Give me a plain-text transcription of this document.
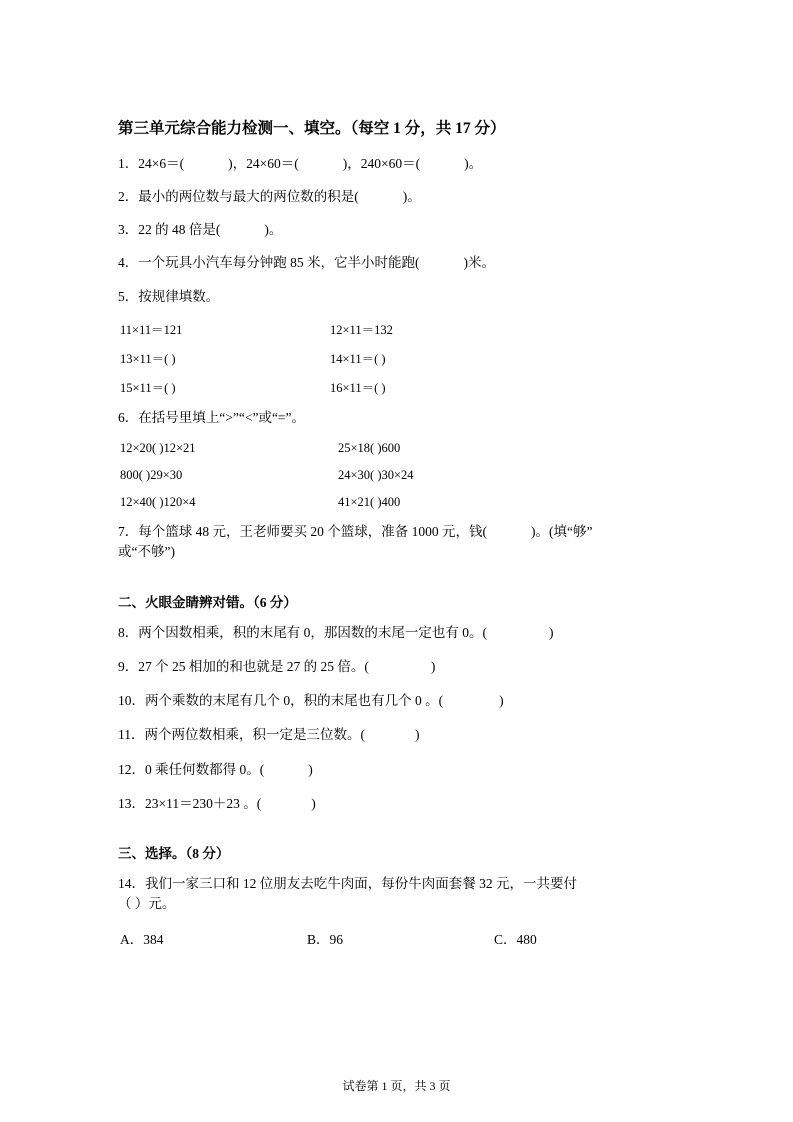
第三单元综合能力检测一、填空。（每空 1 分，共 17 分）
1．24×6＝(	)，24×60＝(	)，240×60＝(	)。
2．最小的两位数与最大的两位数的积是(	)。
3．22 的 48 倍是(	)。
4．一个玩具小汽车每分钟跑 85 米，它半小时能跑(	)米。
5．按规律填数。
11×11＝121	12×11＝132
13×11＝( )	14×11＝( )
15×11＝( )	16×11＝( )
6．在括号里填上“>”“<”或“=”。
12×20( )12×21	25×18( )600
800( )29×30	24×30( )30×24
12×40( )120×4	41×21( )400
7．每个篮球 48 元，王老师要买 20 个篮球，准备 1000 元，钱(	)。(填“够”
或“不够”)
二、火眼金睛辨对错。（6 分）
8．两个因数相乘，积的末尾有 0，那因数的末尾一定也有 0。(	)
9．27 个 25 相加的和也就是 27 的 25 倍。(	)
10．两个乘数的末尾有几个 0，积的末尾也有几个 0 。(	)
11．两个两位数相乘，积一定是三位数。(	)
12．0 乘任何数都得 0。(	)
13．23×11＝230＋23 。(	)
三、选择。（8 分）
14．我们一家三口和 12 位朋友去吃牛肉面，每份牛肉面套餐 32 元，一共要付
（ ）元。
A．384	B．96	C．480
试卷第 1 页，共 3 页
